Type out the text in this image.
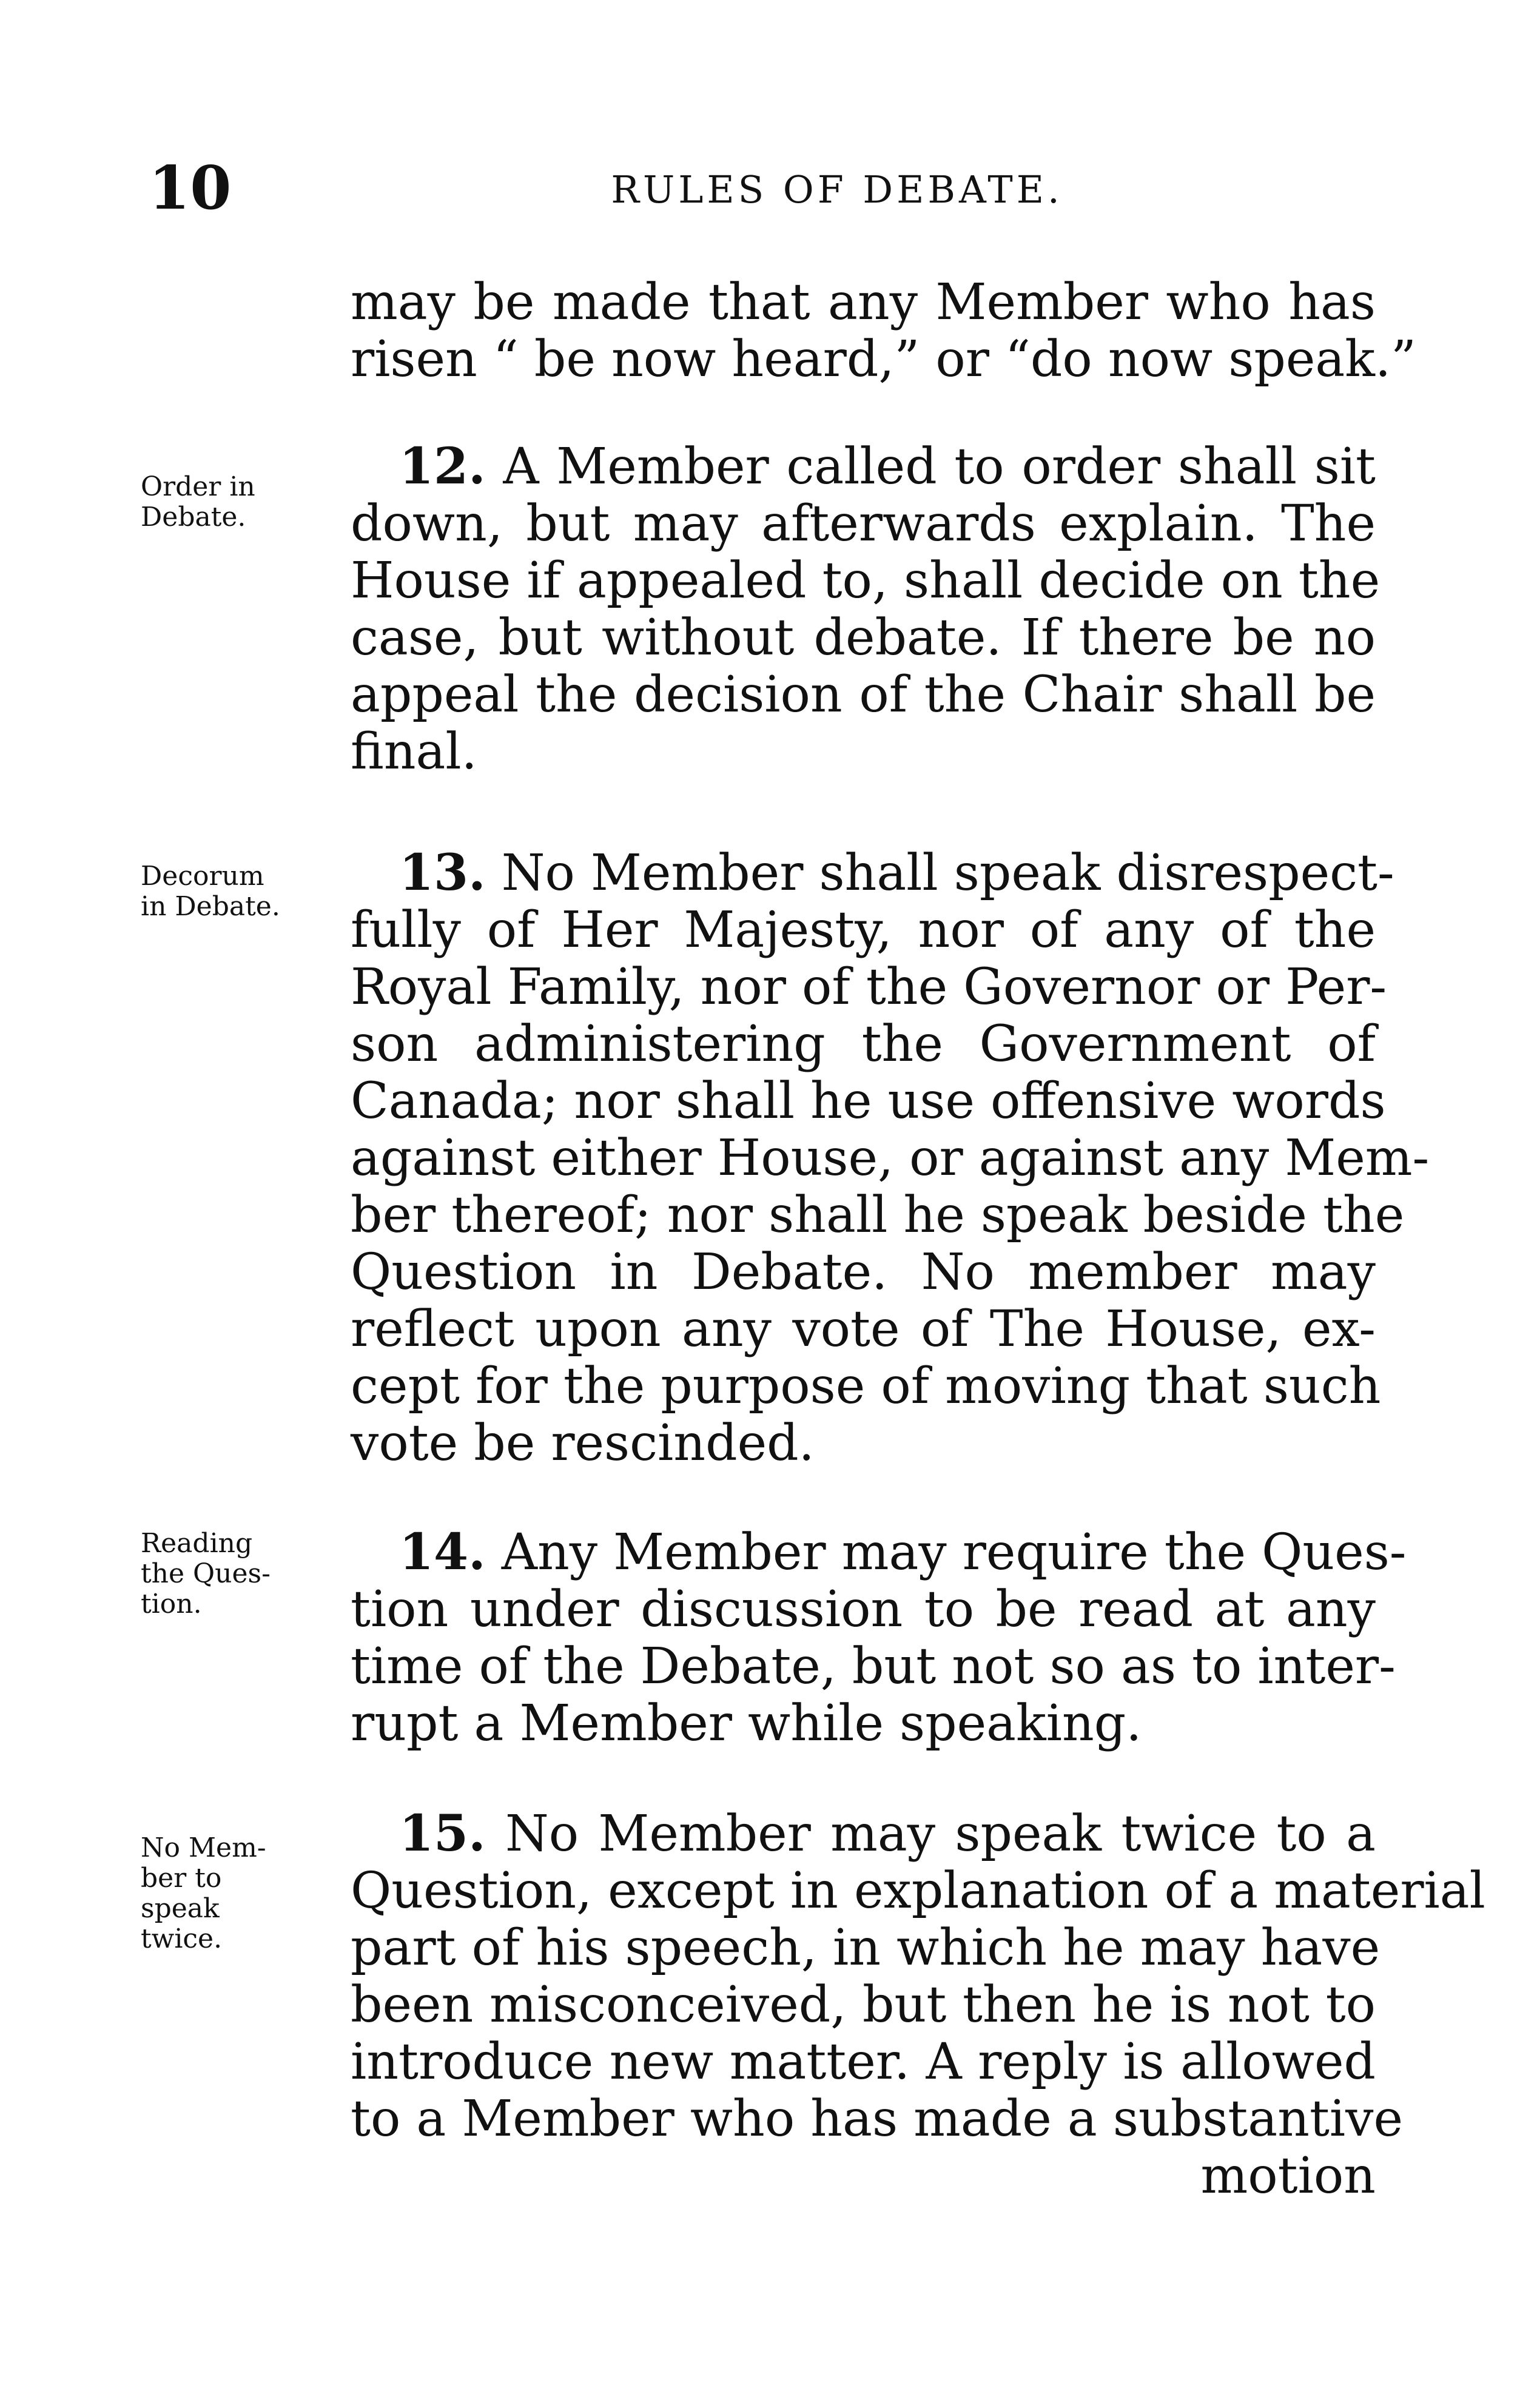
10	RULES OF DEBATE.
may be made that any Member who has
risen “ be now heard,” or “do now speak.”
Order in
Debate.
12. A Member called to order shall sit
down, but may afterwards explain. The
House if appealed to, shall decide on the
case, but without debate. If there be no
appeal the decision of the Chair shall be
final.
Decorum
in Debate.
13. No Member shall speak disrespect-
fully of Her Majesty, nor of any of the
Royal Family, nor of the Governor or Per-
son administering the Government of
Canada; nor shall he use offensive words
against either House, or against any Mem-
ber thereof; nor shall he speak beside the
Question in Debate. No member may
reflect upon any vote of The House, ex-
cept for the purpose of moving that such
vote be rescinded.
Reading
the Ques-
tion.
14. Any Member may require the Ques-
tion under discussion to be read at any
time of the Debate, but not so as to inter-
rupt a Member while speaking.
No Mem-
ber to
speak
twice.
15. No Member may speak twice to a
Question, except in explanation of a material
part of his speech, in which he may have
been misconceived, but then he is not to
introduce new matter. A reply is allowed
to a Member who has made a substantive
motion
